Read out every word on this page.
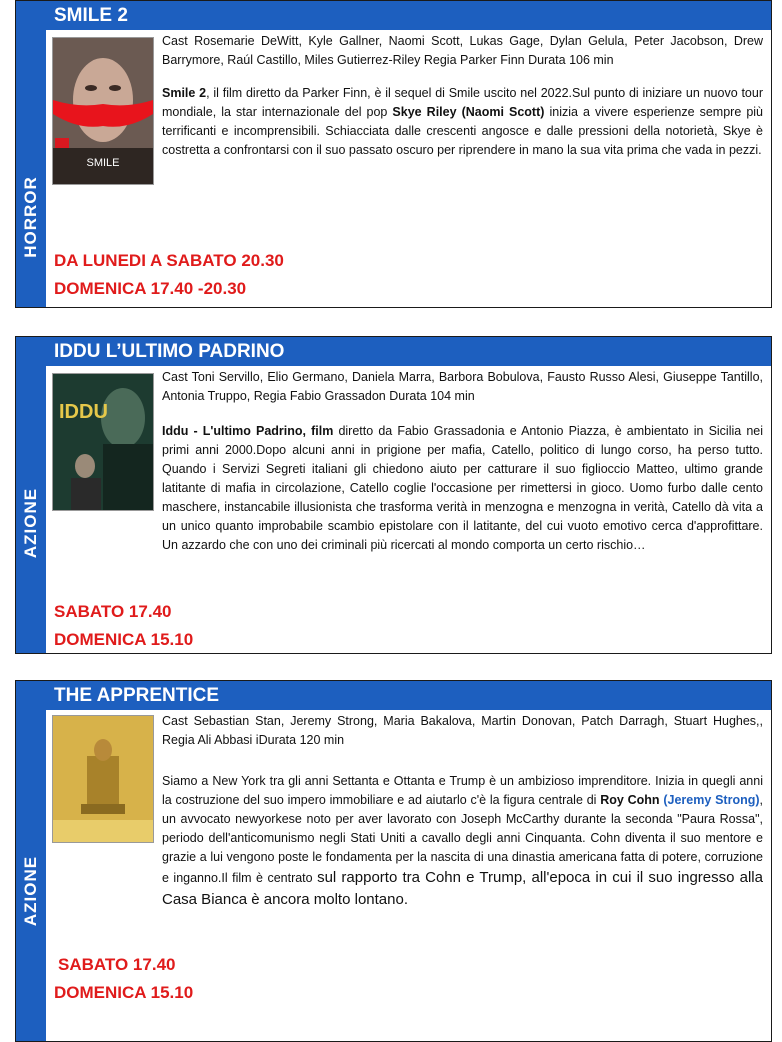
HORROR
SMILE 2
SMILE

Cast Rosemarie DeWitt, Kyle Gallner, Naomi Scott, Lukas Gage, Dylan Gelula, Peter Jacobson, Drew Barrymore, Raúl Castillo, Miles Gutierrez-Riley Regia Parker Finn Durata 106 min

Smile 2, il film diretto da Parker Finn, è il sequel di Smile uscito nel 2022.Sul punto di iniziare un nuovo tour mondiale, la star internazionale del pop Skye Riley (Naomi Scott) inizia a vivere esperienze sempre più terrificanti e incomprensibili. Schiacciata dalle crescenti angosce e dalle pressioni della notorietà, Skye è costretta a confrontarsi con il suo passato oscuro per riprendere in mano la sua vita prima che vada in pezzi.

DA LUNEDI A SABATO 20.30
DOMENICA 17.40 -20.30
AZIONE
IDDU L’ULTIMO PADRINO
IDDU

Cast Toni Servillo, Elio Germano, Daniela Marra, Barbora Bobulova, Fausto Russo Alesi, Giuseppe Tantillo, Antonia Truppo, Regia Fabio Grassadon Durata 104 min

Iddu - L'ultimo Padrino, film diretto da Fabio Grassadonia e Antonio Piazza, è ambientato in Sicilia nei primi anni 2000.Dopo alcuni anni in prigione per mafia, Catello, politico di lungo corso, ha perso tutto. Quando i Servizi Segreti italiani gli chiedono aiuto per catturare il suo figlioccio Matteo, ultimo grande latitante di mafia in circolazione, Catello coglie l'occasione per rimettersi in gioco. Uomo furbo dalle cento maschere, instancabile illusionista che trasforma verità in menzogna e menzogna in verità, Catello dà vita a un unico quanto improbabile scambio epistolare con il latitante, del cui vuoto emotivo cerca d'approfittare. Un azzardo che con uno dei criminali più ricercati al mondo comporta un certo rischio…

SABATO 17.40
DOMENICA 15.10
AZIONE
THE APPRENTICE

Cast Sebastian Stan, Jeremy Strong, Maria Bakalova, Martin Donovan, Patch Darragh, Stuart Hughes,, Regia Ali Abbasi iDurata 120 min

Siamo a New York tra gli anni Settanta e Ottanta e Trump è un ambizioso imprenditore. Inizia in quegli anni la costruzione del suo impero immobiliare e ad aiutarlo c'è la figura centrale di Roy Cohn (Jeremy Strong), un avvocato newyorkese noto per aver lavorato con Joseph McCarthy durante la seconda "Paura Rossa", periodo dell'anticomunismo negli Stati Uniti a cavallo degli anni Cinquanta. Cohn diventa il suo mentore e grazie a lui vengono poste le fondamenta per la nascita di una dinastia americana fatta di potere, corruzione e inganno.Il film è centrato sul rapporto tra Cohn e Trump, all'epoca in cui il suo ingresso alla Casa Bianca è ancora molto lontano.

SABATO 17.40
DOMENICA 15.10
